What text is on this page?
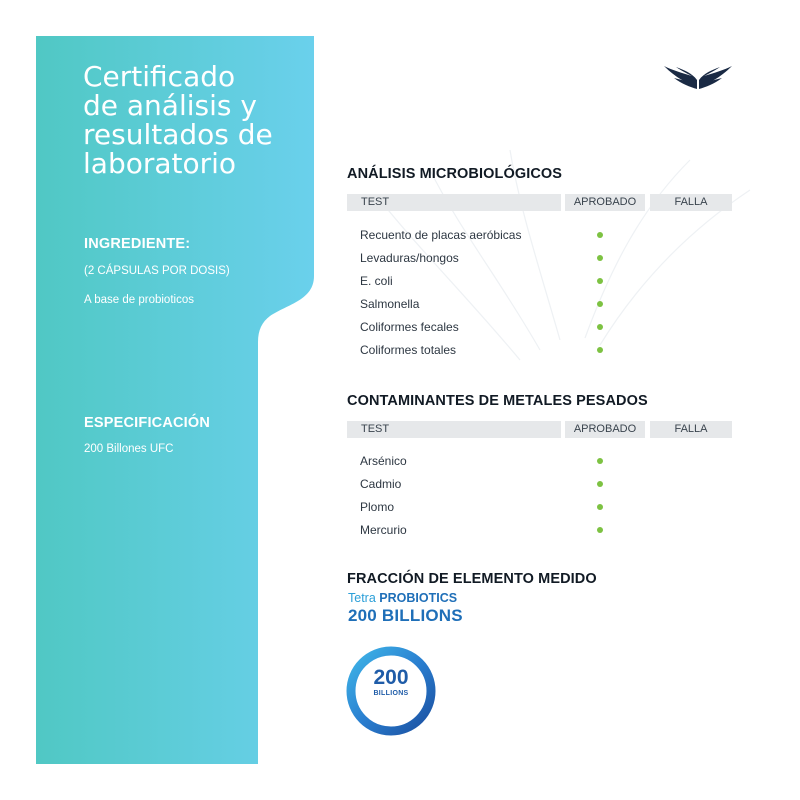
Certificado
de análisis y
resultados de
laboratorio
INGREDIENTE:
(2 CÁPSULAS POR DOSIS)
A base de probioticos
ESPECIFICACIÓN
200 Billones UFC
ANÁLISIS MICROBIOLÓGICOS
TEST	APROBADO	FALLA
Recuento de placas aeróbicas
Levaduras/hongos
E. coli
Salmonella
Coliformes fecales
Coliformes totales
CONTAMINANTES DE METALES PESADOS
TEST	APROBADO	FALLA
Arsénico
Cadmio
Plomo
Mercurio
FRACCIÓN DE ELEMENTO MEDIDO
Tetra PROBIOTICS
200 BILLIONS
200
BILLIONS
